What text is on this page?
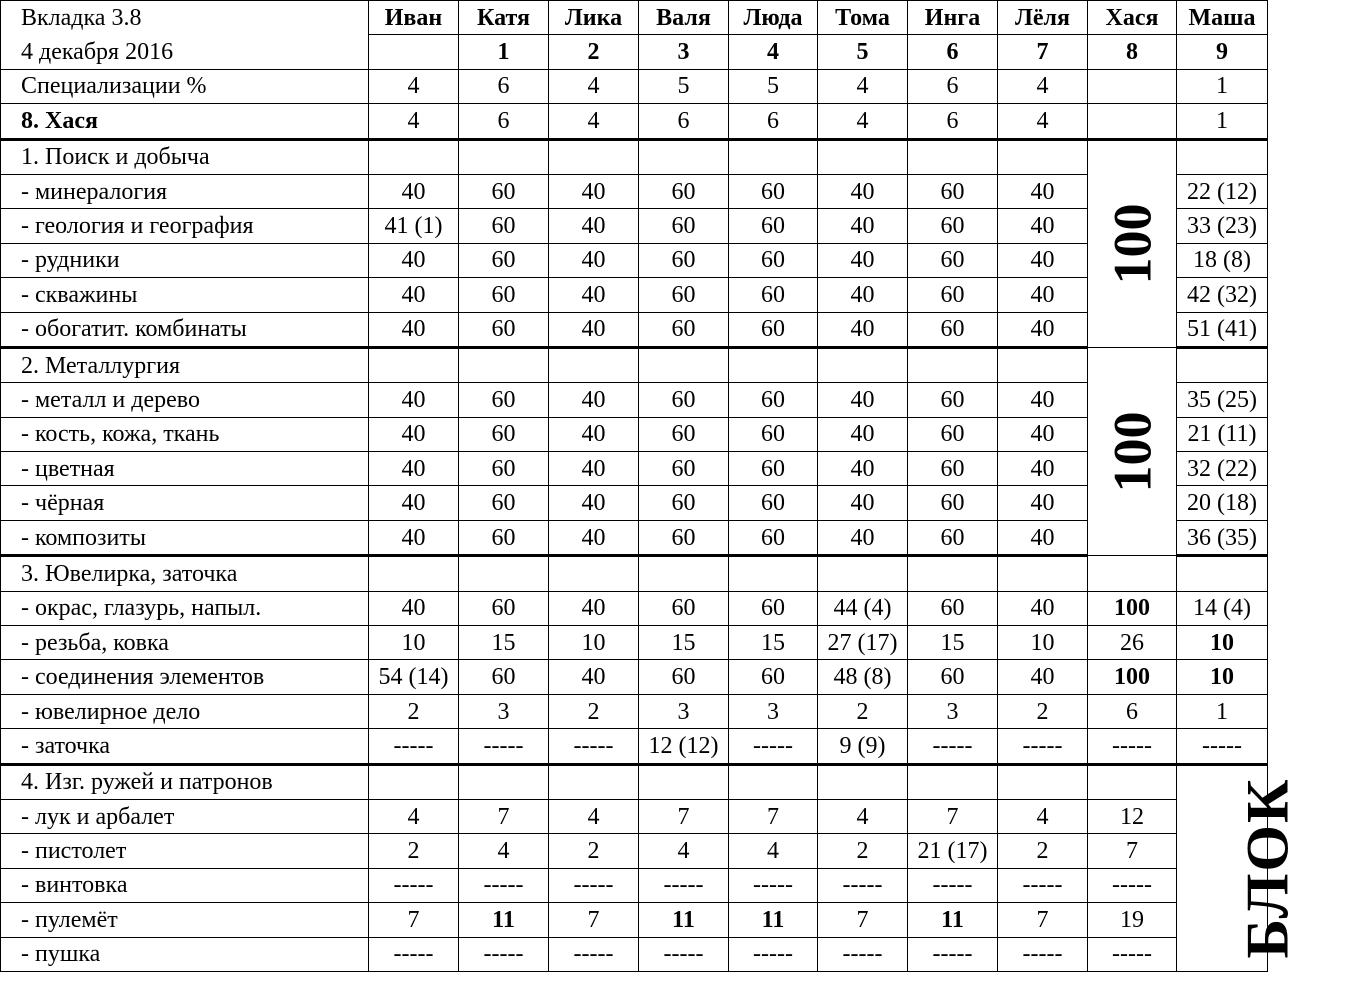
Вкладка 3.8	Иван	Катя	Лика	Валя	Люда	Тома	Инга	Лёля	Хася	Маша
4 декабря 2016		1	2	3	4	5	6	7	8	9
Специализации %	4	6	4	5	5	4	6	4		1
8. Хася	4	6	4	6	6	4	6	4		1
1. Поиск и добыча									100	
- минералогия	40	60	40	60	60	40	60	40		22 (12)
- геология и география	41 (1)	60	40	60	60	40	60	40		33 (23)
- рудники	40	60	40	60	60	40	60	40		18 (8)
- скважины	40	60	40	60	60	40	60	40		42 (32)
- обогатит. комбинаты	40	60	40	60	60	40	60	40		51 (41)
2. Металлургия									100	
- металл и дерево	40	60	40	60	60	40	60	40		35 (25)
- кость, кожа, ткань	40	60	40	60	60	40	60	40		21 (11)
- цветная	40	60	40	60	60	40	60	40		32 (22)
- чёрная	40	60	40	60	60	40	60	40		20 (18)
- композиты	40	60	40	60	60	40	60	40		36 (35)
3. Ювелирка, заточка										
- окрас, глазурь, напыл.	40	60	40	60	60	44 (4)	60	40	100	14 (4)
- резьба, ковка	10	15	10	15	15	27 (17)	15	10	26	10
- соединения элементов	54 (14)	60	40	60	60	48 (8)	60	40	100	10
- ювелирное дело	2	3	2	3	3	2	3	2	6	1
- заточка	-----	-----	-----	12 (12)	-----	9 (9)	-----	-----	-----	-----
4. Изг. ружей и патронов										БЛОК
- лук и арбалет	4	7	4	7	7	4	7	4	12	
- пистолет	2	4	2	4	4	2	21 (17)	2	7	
- винтовка	-----	-----	-----	-----	-----	-----	-----	-----	-----	
- пулемёт	7	11	7	11	11	7	11	7	19	
- пушка	-----	-----	-----	-----	-----	-----	-----	-----	-----	
